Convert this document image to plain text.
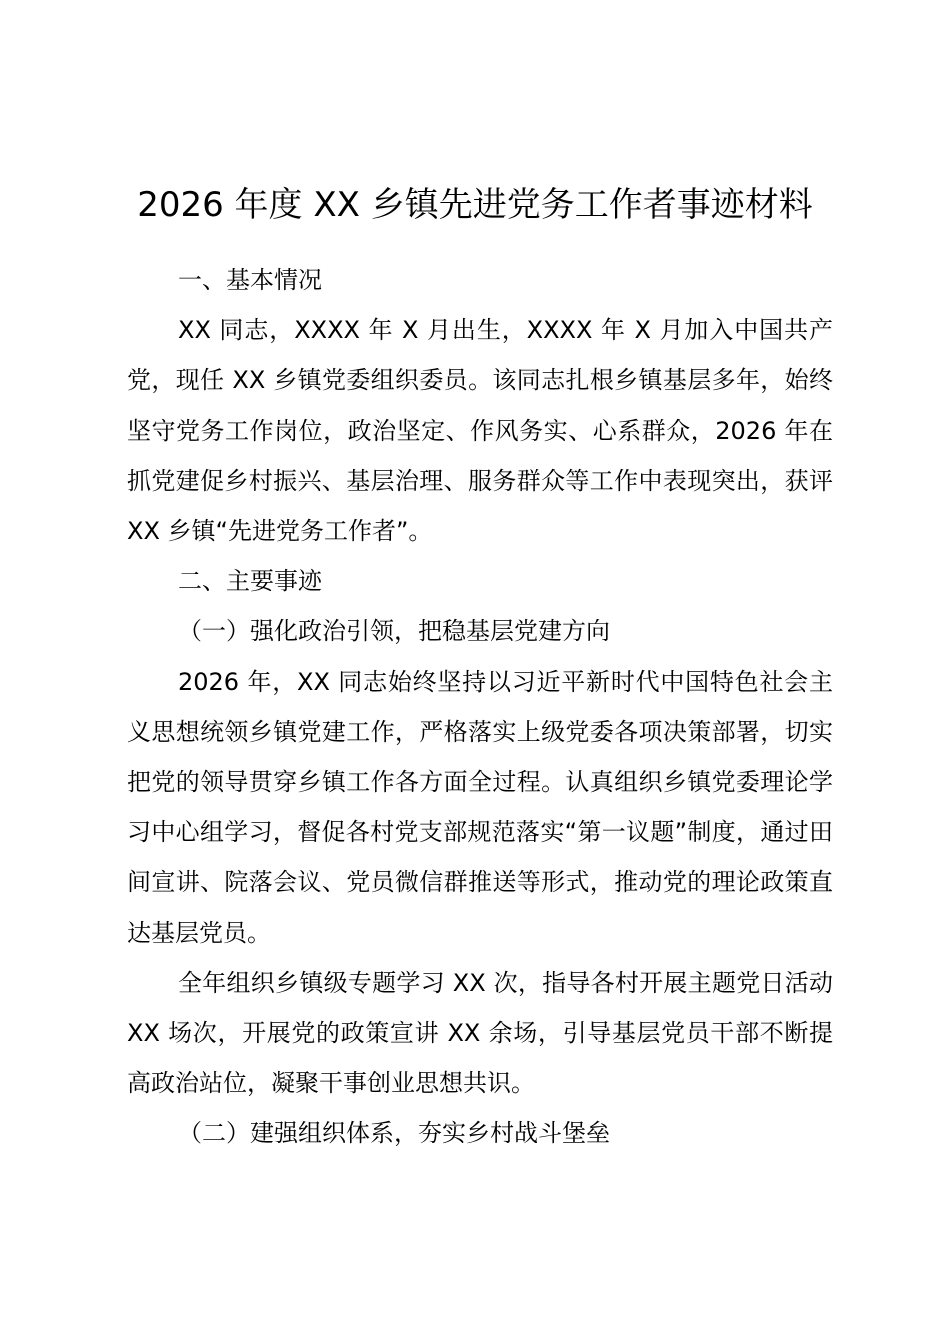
2026 年度 XX 乡镇先进党务工作者事迹材料

一、基本情况

XX 同志，XXXX 年 X 月出生，XXXX 年 X 月加入中国共产党，现任 XX 乡镇党委组织委员。该同志扎根乡镇基层多年，始终坚守党务工作岗位，政治坚定、作风务实、心系群众，2026 年在抓党建促乡村振兴、基层治理、服务群众等工作中表现突出，获评 XX 乡镇“先进党务工作者”。

二、主要事迹

（一）强化政治引领，把稳基层党建方向

2026 年，XX 同志始终坚持以习近平新时代中国特色社会主义思想统领乡镇党建工作，严格落实上级党委各项决策部署，切实把党的领导贯穿乡镇工作各方面全过程。认真组织乡镇党委理论学习中心组学习，督促各村党支部规范落实“第一议题”制度，通过田间宣讲、院落会议、党员微信群推送等形式，推动党的理论政策直达基层党员。

全年组织乡镇级专题学习 XX 次，指导各村开展主题党日活动 XX 场次，开展党的政策宣讲 XX 余场，引导基层党员干部不断提高政治站位，凝聚干事创业思想共识。

（二）建强组织体系，夯实乡村战斗堡垒
